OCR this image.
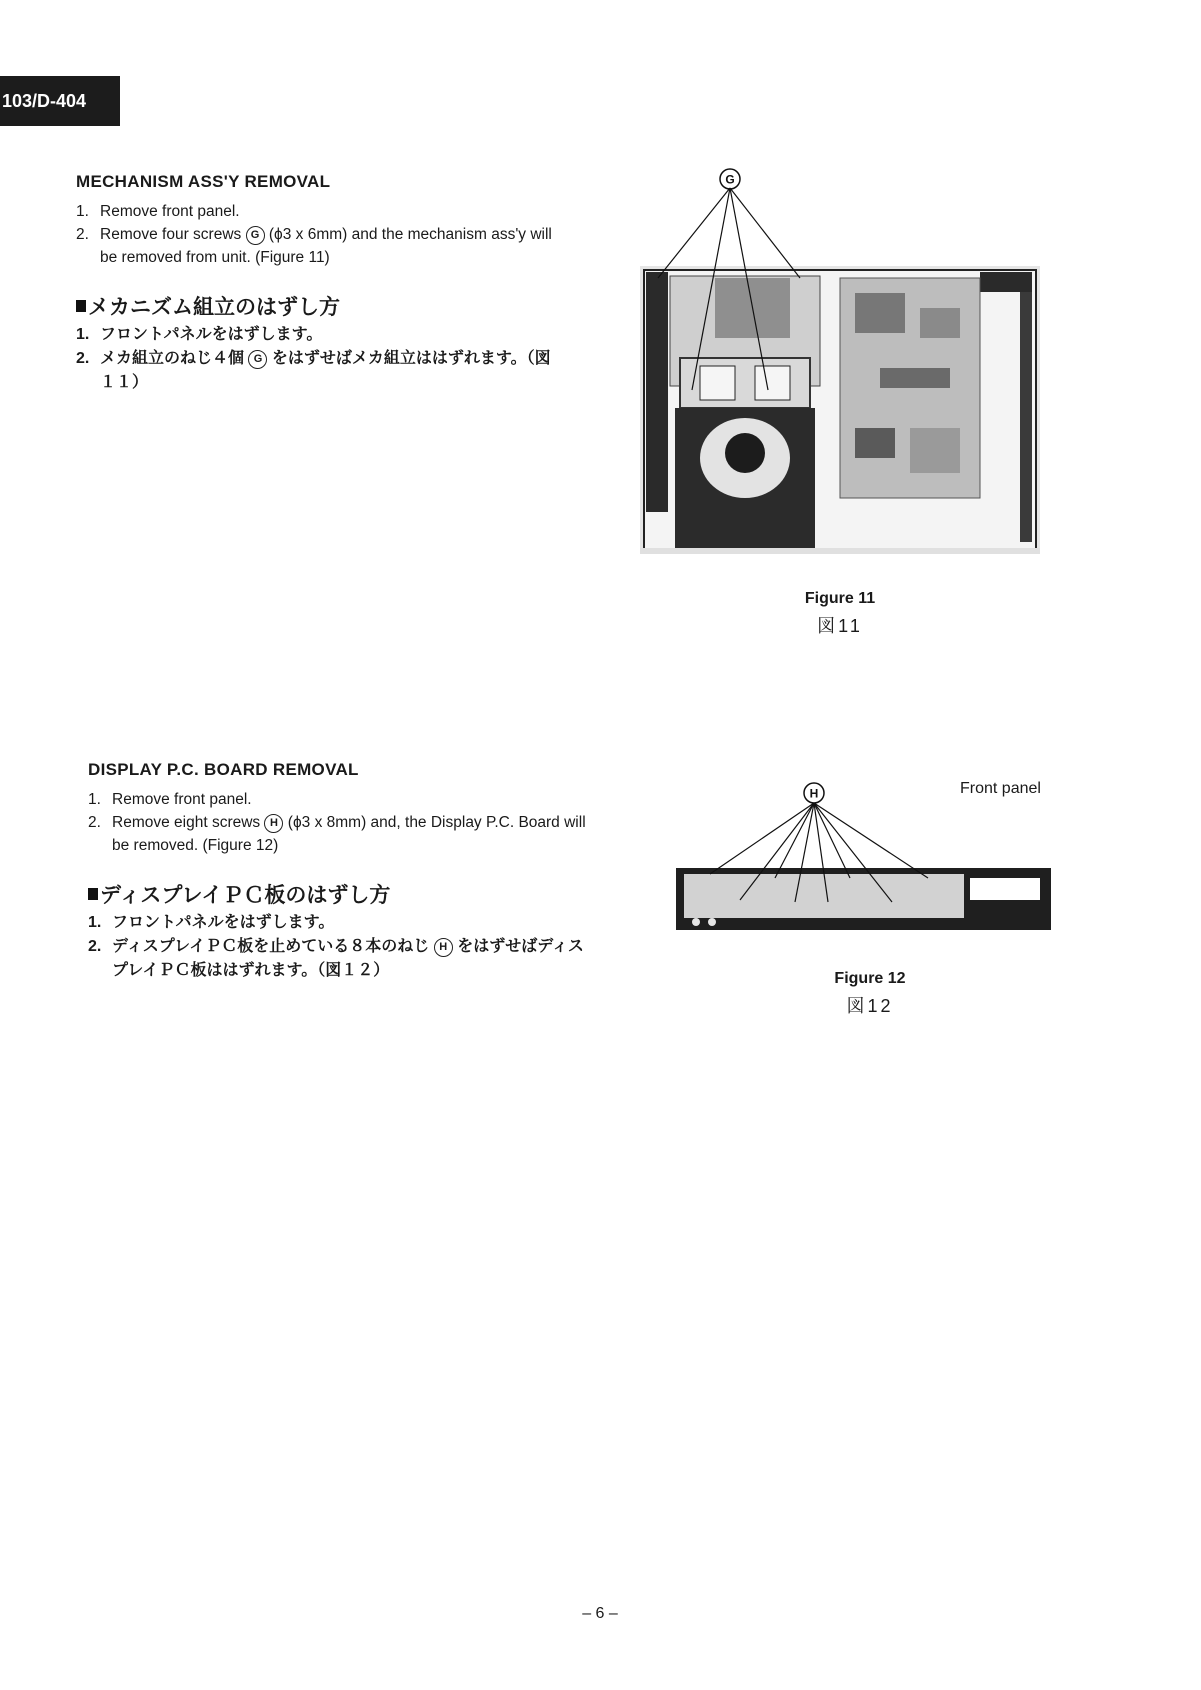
103/D-404
MECHANISM ASS'Y REMOVAL
1. Remove front panel.
2. Remove four screws G (ϕ3 x 6mm) and the mechanism ass'y will be removed from unit. (Figure 11)
メカニズム組立のはずし方
1. フロントパネルをはずします。
2. メカ組立のねじ４個 G をはずせばメカ組立ははずれます。（図１１）
G
Figure 11
図11
DISPLAY P.C. BOARD REMOVAL
1. Remove front panel.
2. Remove eight screws H (ϕ3 x 8mm) and, the Display P.C. Board will be removed. (Figure 12)
ディスプレイＰＣ板のはずし方
1. フロントパネルをはずします。
2. ディスプレイＰＣ板を止めている８本のねじ H をはずせばディスプレイＰＣ板ははずれます。（図１２）
Front panel
H
Figure 12
図12
– 6 –
